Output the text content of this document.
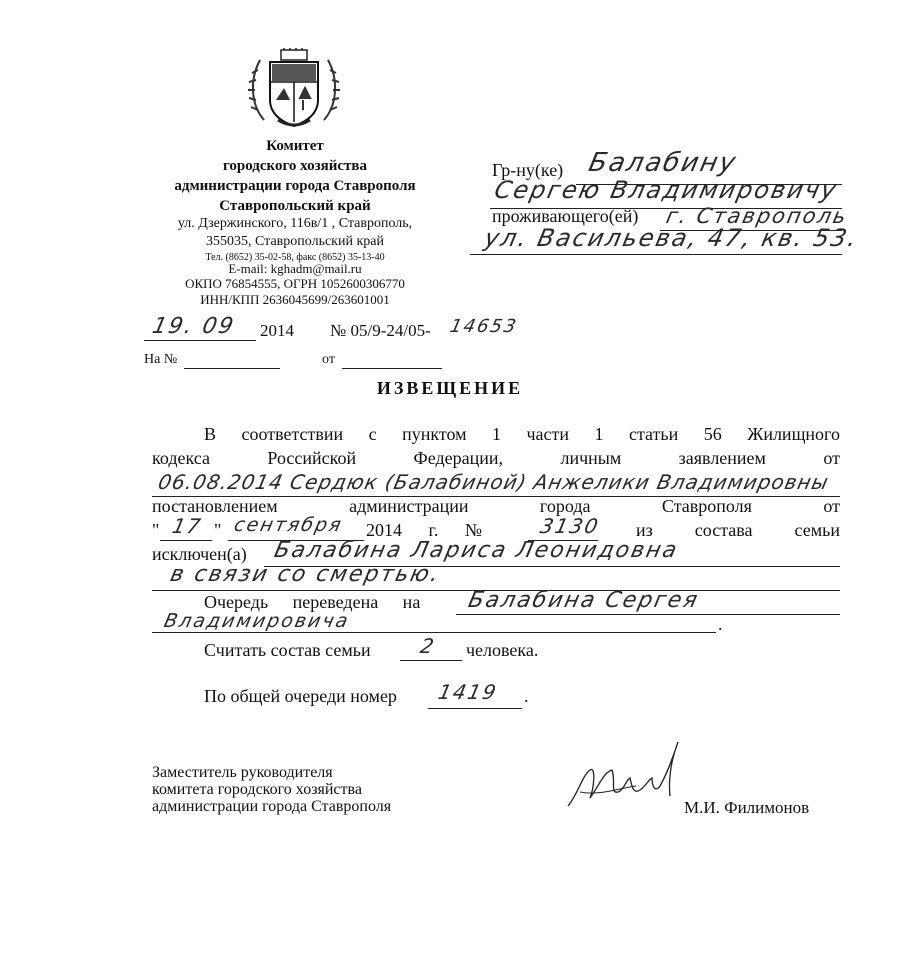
Комитет
городского хозяйства
администрации города Ставрополя
Ставропольский край
ул. Дзержинского, 116в/1 , Ставрополь,
355035, Ставропольский край
Тел. (8652) 35-02-58, факс (8652) 35-13-40
E-mail: kghadm@mail.ru
ОКПО 76854555, ОГРН 1052600306770
ИНН/КПП 2636045699/263601001
Гр-ну(ке) Балабину
Сергею Владимировичу
проживающего(ей) г. Ставрополь
ул. Васильева, 47, кв. 53.
19. 09 2014 № 05/9-24/05- 14653
На №	от
ИЗВЕЩЕНИЕ
В соответствии с пунктом 1 части 1 статьи 56 Жилищного
кодекса Российской Федерации, личным заявлением от
06.08.2014 Сердюк (Балабиной) Анжелики Владимировны
постановлением администрации города Ставрополя от
" 17 " сентября 2014 г. №	3130 из состава семьи
исключен(а) Балабина Лариса Леонидовна
в связи со смертью.
Очередь переведена на Балабина Сергея
Владимировича	.
Считать состав семьи 2 человека.
По общей очереди номер 1419 .
Заместитель руководителя
комитета городского хозяйства
администрации города Ставрополя	М.И. Филимонов
